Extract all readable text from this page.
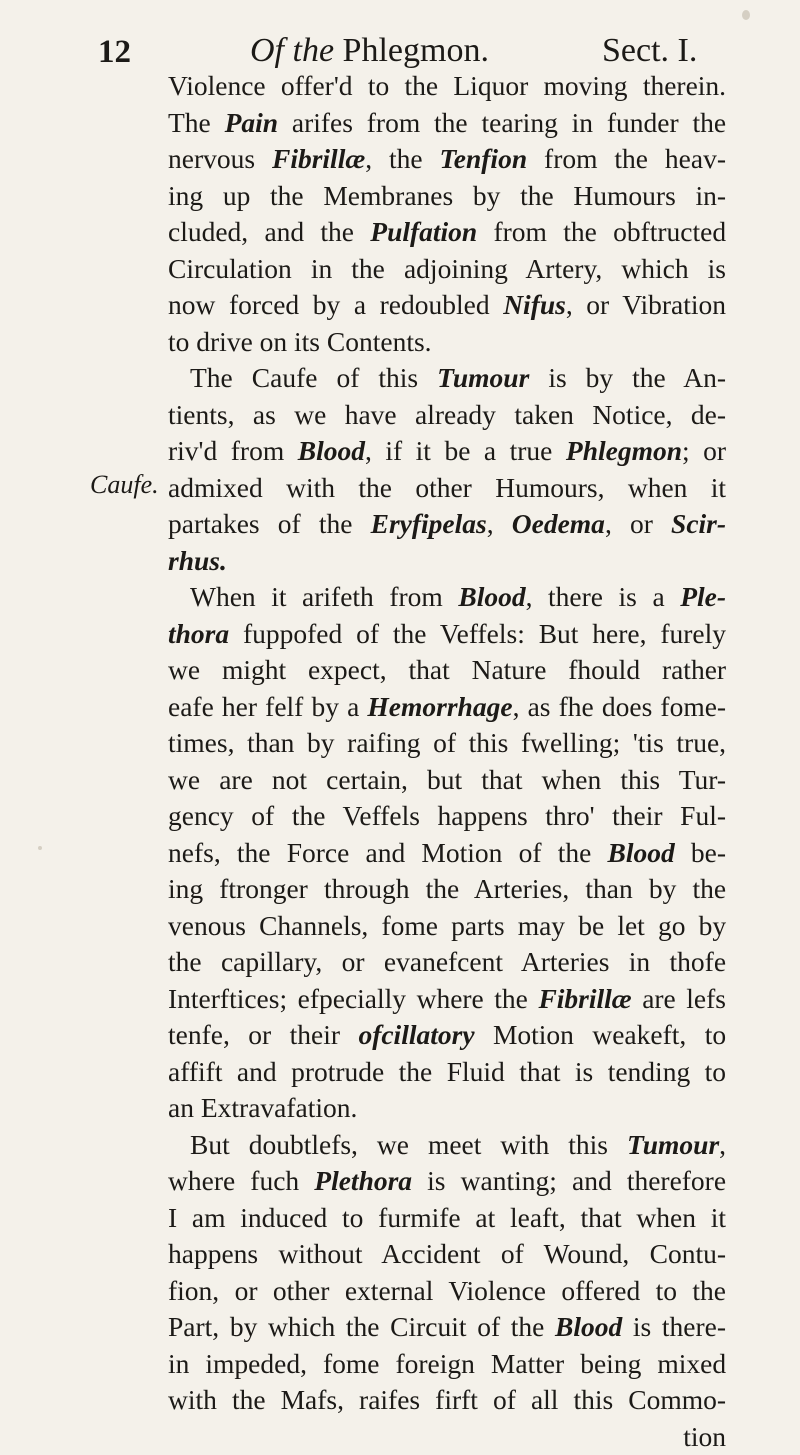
12	Of the Phlegmon.	Sect. I.
Caufe.
Violence offer'd to the Liquor moving therein.
The Pain arifes from the tearing in funder the
nervous Fibrillæ, the Tenfion from the heav-
ing up the Membranes by the Humours in-
cluded, and the Pulfation from the obftructed
Circulation in the adjoining Artery, which is
now forced by a redoubled Nifus, or Vibration
to drive on its Contents.
The Caufe of this Tumour is by the An-
tients, as we have already taken Notice, de-
riv'd from Blood, if it be a true Phlegmon; or
admixed with the other Humours, when it
partakes of the Eryfipelas, Oedema, or Scir-
rhus.
When it arifeth from Blood, there is a Ple-
thora fuppofed of the Veffels: But here, furely
we might expect, that Nature fhould rather
eafe her felf by a Hemorrhage, as fhe does fome-
times, than by raifing of this fwelling; 'tis true,
we are not certain, but that when this Tur-
gency of the Veffels happens thro' their Ful-
nefs, the Force and Motion of the Blood be-
ing ftronger through the Arteries, than by the
venous Channels, fome parts may be let go by
the capillary, or evanefcent Arteries in thofe
Interftices; efpecially where the Fibrillæ are lefs
tenfe, or their ofcillatory Motion weakeft, to
affift and protrude the Fluid that is tending to
an Extravafation.
But doubtlefs, we meet with this Tumour,
where fuch Plethora is wanting; and therefore
I am induced to furmife at leaft, that when it
happens without Accident of Wound, Contu-
fion, or other external Violence offered to the
Part, by which the Circuit of the Blood is there-
in impeded, fome foreign Matter being mixed
with the Mafs, raifes firft of all this Commo-
tion
